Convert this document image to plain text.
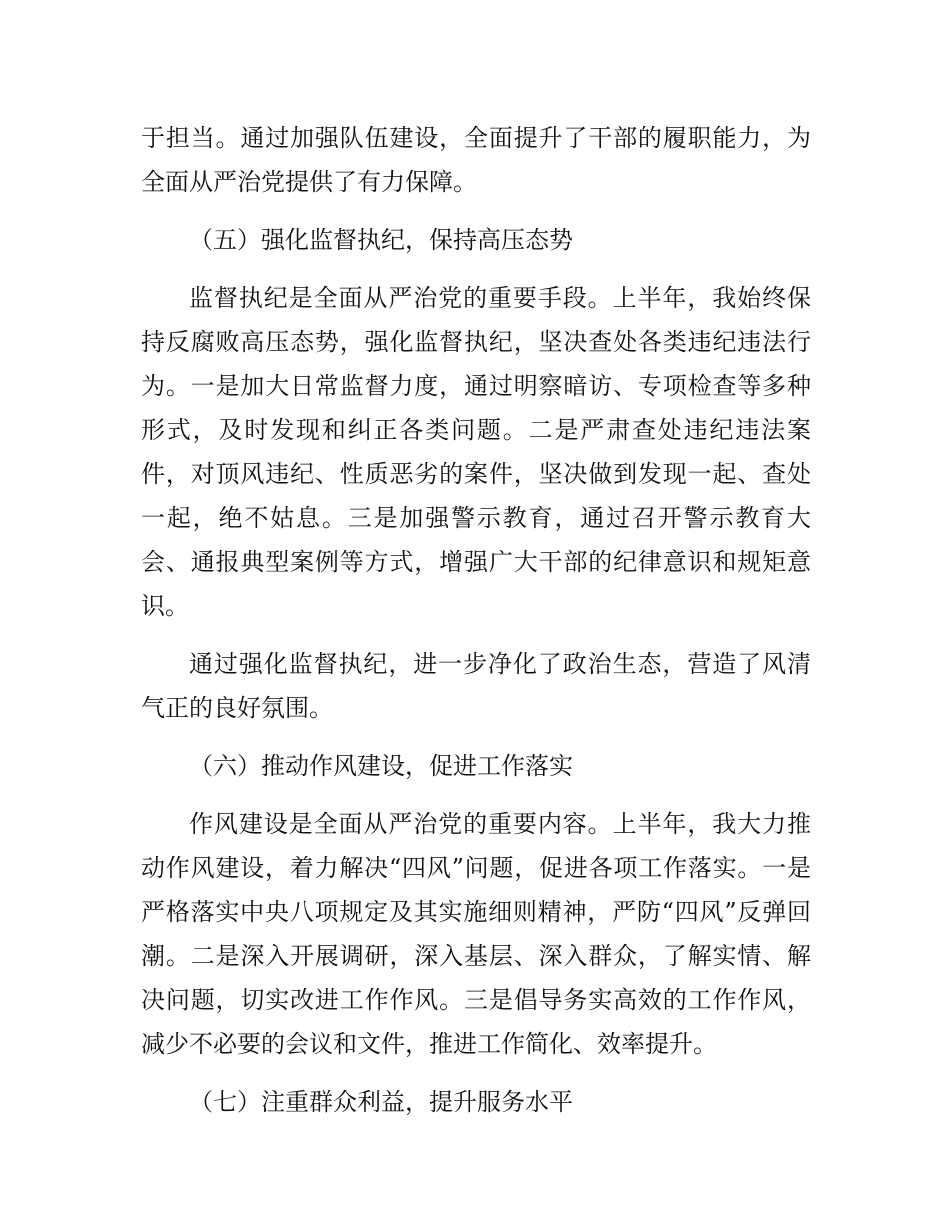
于担当。通过加强队伍建设，全面提升了干部的履职能力，为全面从严治党提供了有力保障。

（五）强化监督执纪，保持高压态势

监督执纪是全面从严治党的重要手段。上半年，我始终保持反腐败高压态势，强化监督执纪，坚决查处各类违纪违法行为。一是加大日常监督力度，通过明察暗访、专项检查等多种形式，及时发现和纠正各类问题。二是严肃查处违纪违法案件，对顶风违纪、性质恶劣的案件，坚决做到发现一起、查处一起，绝不姑息。三是加强警示教育，通过召开警示教育大会、通报典型案例等方式，增强广大干部的纪律意识和规矩意识。

通过强化监督执纪，进一步净化了政治生态，营造了风清气正的良好氛围。

（六）推动作风建设，促进工作落实

作风建设是全面从严治党的重要内容。上半年，我大力推动作风建设，着力解决“四风”问题，促进各项工作落实。一是严格落实中央八项规定及其实施细则精神，严防“四风”反弹回潮。二是深入开展调研，深入基层、深入群众，了解实情、解决问题，切实改进工作作风。三是倡导务实高效的工作作风，减少不必要的会议和文件，推进工作简化、效率提升。

（七）注重群众利益，提升服务水平
